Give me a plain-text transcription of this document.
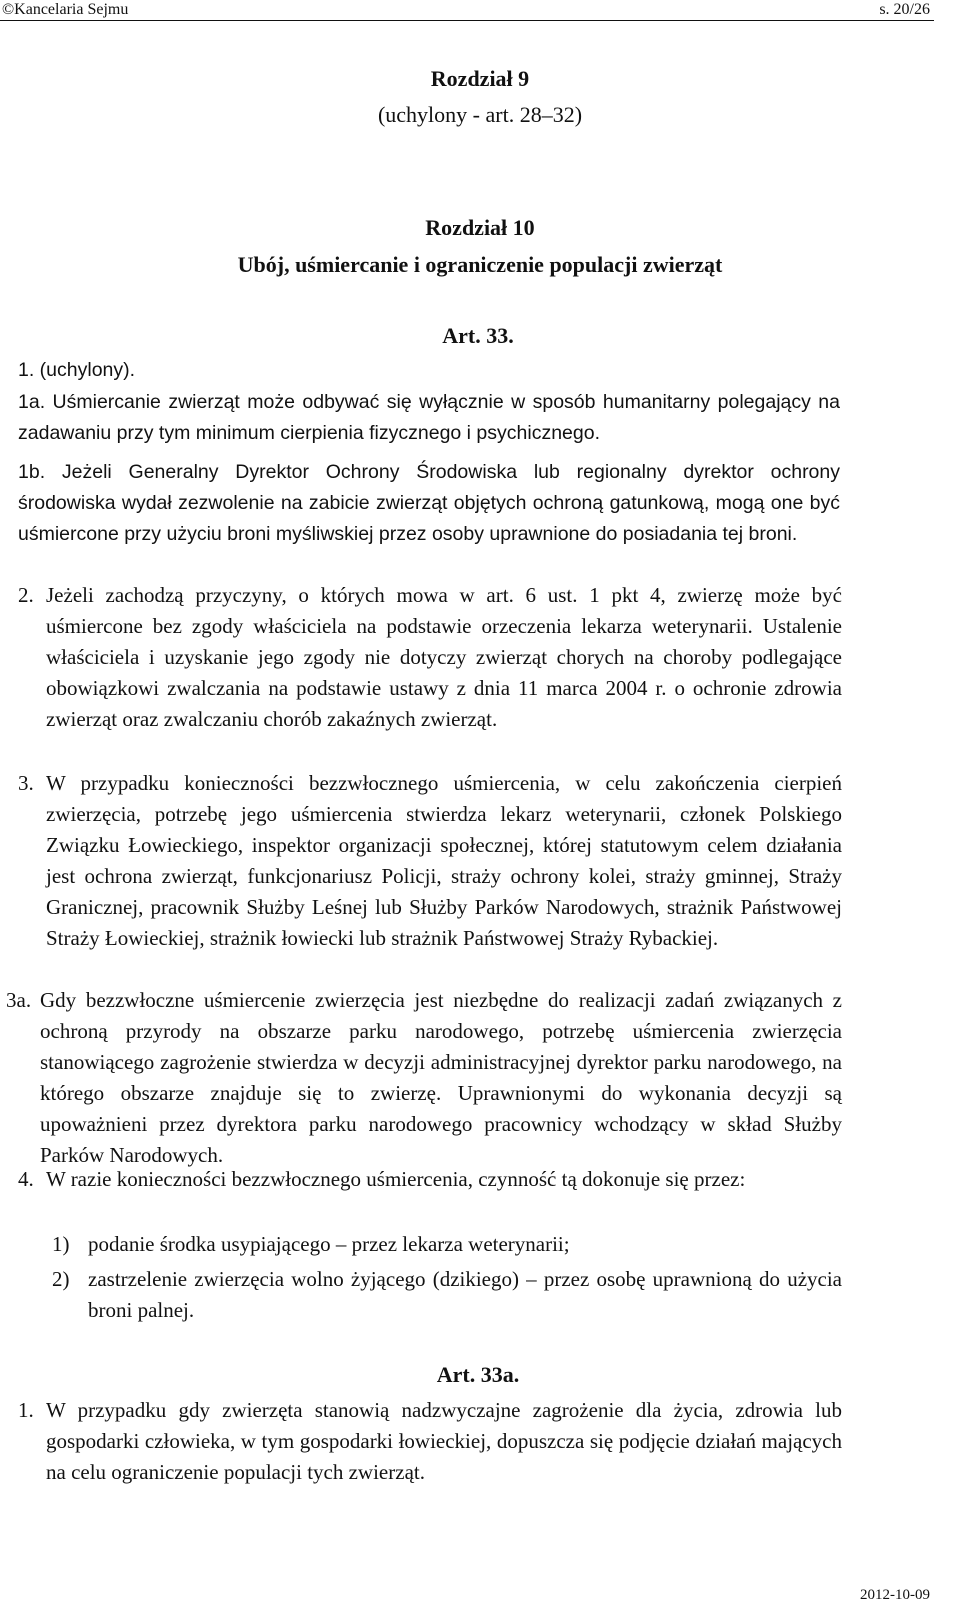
©Kancelaria Sejmu	s. 20/26
Rozdział 9
(uchylony - art. 28–32)
Rozdział 10
Ubój, uśmiercanie i ograniczenie populacji zwierząt
Art. 33.
1. (uchylony).
1a. Uśmiercanie zwierząt może odbywać się wyłącznie w sposób humanitarny polegający na zadawaniu przy tym minimum cierpienia fizycznego i psychicznego.
1b. Jeżeli Generalny Dyrektor Ochrony Środowiska lub regionalny dyrektor ochrony środowiska wydał zezwolenie na zabicie zwierząt objętych ochroną gatunkową, mogą one być uśmiercone przy użyciu broni myśliwskiej przez osoby uprawnione do posiadania tej broni.
2. Jeżeli zachodzą przyczyny, o których mowa w art. 6 ust. 1 pkt 4, zwierzę może być uśmiercone bez zgody właściciela na podstawie orzeczenia lekarza weterynarii. Ustalenie właściciela i uzyskanie jego zgody nie dotyczy zwierząt chorych na choroby podlegające obowiązkowi zwalczania na podstawie ustawy z dnia 11 marca 2004 r. o ochronie zdrowia zwierząt oraz zwalczaniu chorób zakaźnych zwierząt.
3. W przypadku konieczności bezzwłocznego uśmiercenia, w celu zakończenia cierpień zwierzęcia, potrzebę jego uśmiercenia stwierdza lekarz weterynarii, członek Polskiego Związku Łowieckiego, inspektor organizacji społecznej, której statutowym celem działania jest ochrona zwierząt, funkcjonariusz Policji, straży ochrony kolei, straży gminnej, Straży Granicznej, pracownik Służby Leśnej lub Służby Parków Narodowych, strażnik Państwowej Straży Łowieckiej, strażnik łowiecki lub strażnik Państwowej Straży Rybackiej.
3a. Gdy bezzwłoczne uśmiercenie zwierzęcia jest niezbędne do realizacji zadań związanych z ochroną przyrody na obszarze parku narodowego, potrzebę uśmiercenia zwierzęcia stanowiącego zagrożenie stwierdza w decyzji administracyjnej dyrektor parku narodowego, na którego obszarze znajduje się to zwierzę. Uprawnionymi do wykonania decyzji są upoważnieni przez dyrektora parku narodowego pracownicy wchodzący w skład Służby Parków Narodowych.
4. W razie konieczności bezzwłocznego uśmiercenia, czynność tą dokonuje się przez:
1) podanie środka usypiającego – przez lekarza weterynarii;
2) zastrzelenie zwierzęcia wolno żyjącego (dzikiego) – przez osobę uprawnioną do użycia broni palnej.
Art. 33a.
1. W przypadku gdy zwierzęta stanowią nadzwyczajne zagrożenie dla życia, zdrowia lub gospodarki człowieka, w tym gospodarki łowieckiej, dopuszcza się podjęcie działań mających na celu ograniczenie populacji tych zwierząt.
2012-10-09
